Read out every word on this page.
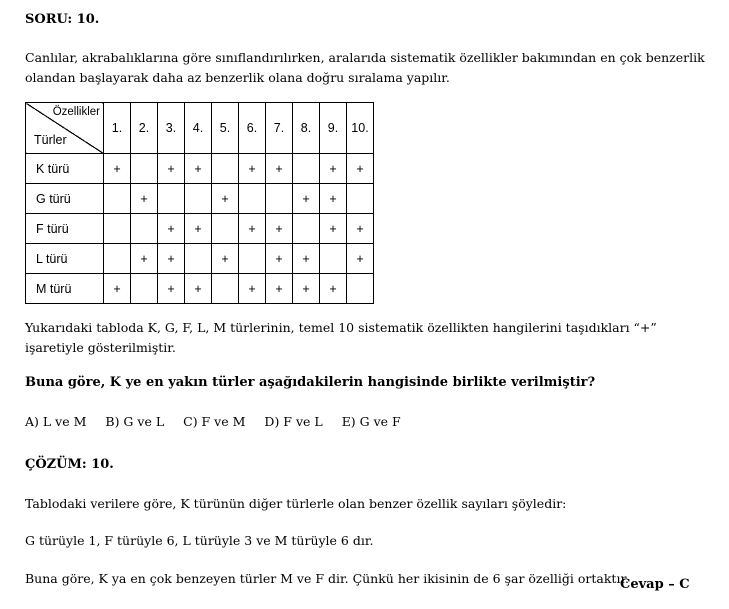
SORU: 10.
Canlılar, akrabalıklarına göre sınıflandırılırken, aralarıda sistematik özellikler bakımından en çok benzerlik olandan başlayarak daha az benzerlik olana doğru sıralama yapılır.
Özellikler
Türler	1.	2.	3.	4.	5.	6.	7.	8.	9.	10.
K türü	+		+	+		+	+		+	+
G türü		+			+			+	+	
F türü			+	+		+	+		+	+
L türü		+	+		+		+	+		+
M türü	+		+	+		+	+	+	+	
Yukarıdaki tabloda K, G, F, L, M türlerinin, temel 10 sistematik özellikten hangilerini taşıdıkları “+” işaretiyle gösterilmiştir.
Buna göre, K ye en yakın türler aşağıdakilerin hangisinde birlikte verilmiştir?
A) L ve M B) G ve L C) F ve M D) F ve L E) G ve F
ÇÖZÜM: 10.
Tablodaki verilere göre, K türünün diğer türlerle olan benzer özellik sayıları şöyledir:
G türüyle 1, F türüyle 6, L türüyle 3 ve M türüyle 6 dır.
Buna göre, K ya en çok benzeyen türler M ve F dir. Çünkü her ikisinin de 6 şar özelliği ortaktır.
Cevap – C
